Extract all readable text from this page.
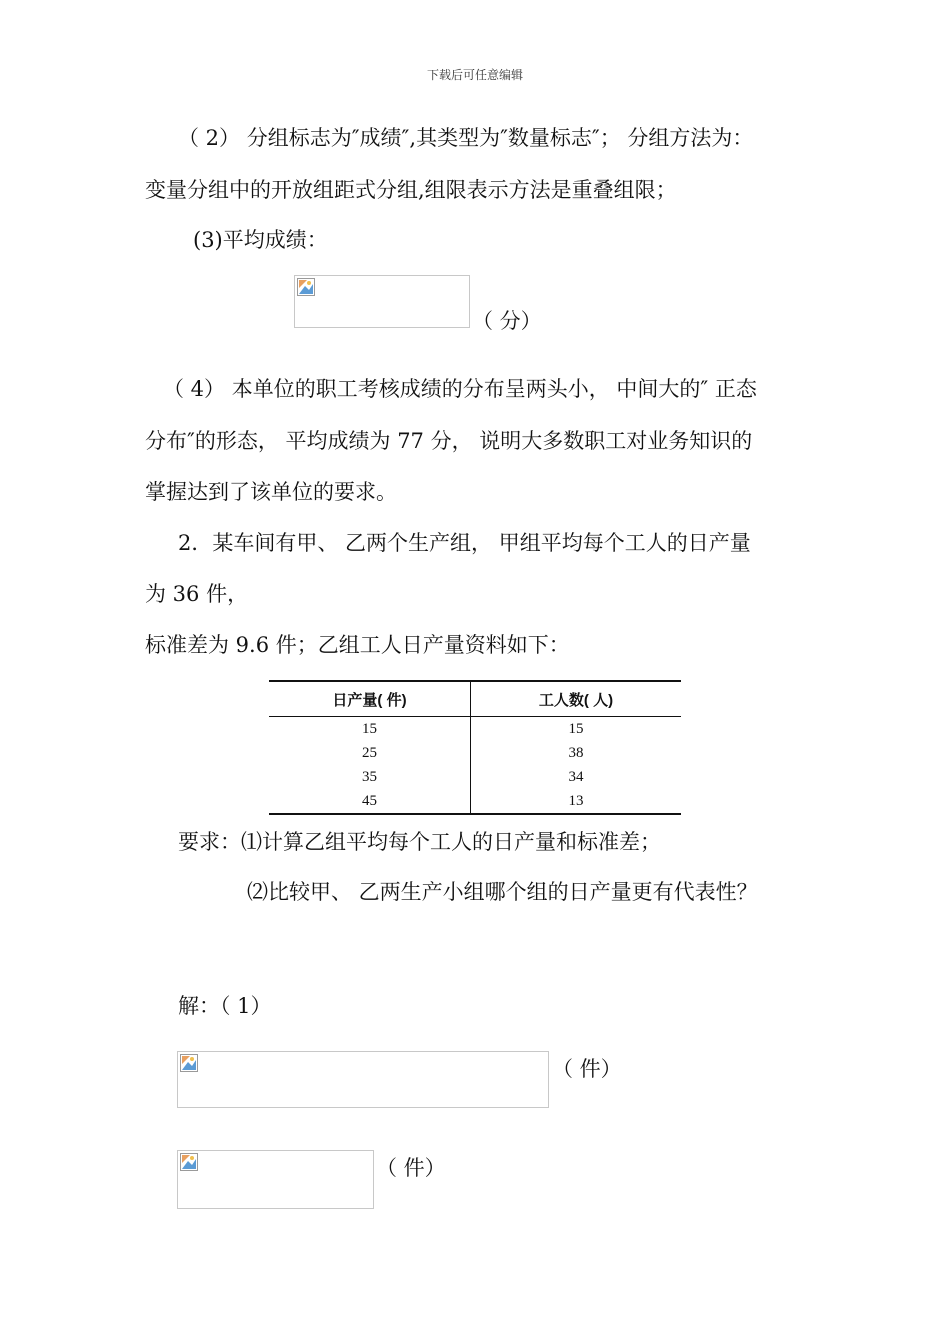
下载后可任意编辑
（ 2） 分组标志为″成绩″,其类型为″数量标志″； 分组方法为：
变量分组中的开放组距式分组,组限表示方法是重叠组限；
(3)平均成绩：
（ 分）
（ 4） 本单位的职工考核成绩的分布呈两头小， 中间大的″ 正态
分布″的形态， 平均成绩为 77 分， 说明大多数职工对业务知识的
掌握达到了该单位的要求。
2．某车间有甲、 乙两个生产组， 甲组平均每个工人的日产量
为 36 件，
标准差为 9.6 件；乙组工人日产量资料如下：
日产量( 件)	工人数( 人)
15	15
25	38
35	34
45	13
要求：⑴计算乙组平均每个工人的日产量和标准差；
⑵比较甲、 乙两生产小组哪个组的日产量更有代表性？
解：（ 1）
（ 件）
（ 件）
